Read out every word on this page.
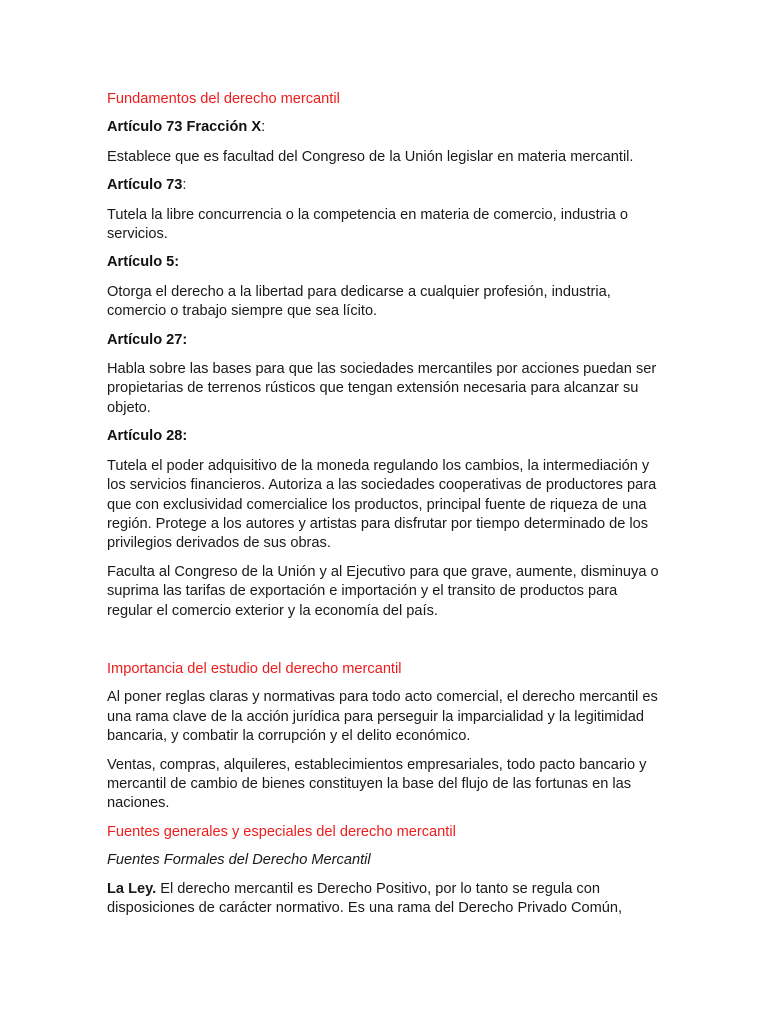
Fundamentos del derecho mercantil
Artículo 73 Fracción X:
Establece que es facultad del Congreso de la Unión legislar en materia mercantil.
Artículo 73:
Tutela la libre concurrencia o la competencia en materia de comercio, industria o servicios.
Artículo 5:
Otorga el derecho a la libertad para dedicarse a cualquier profesión, industria, comercio o trabajo siempre que sea lícito.
Artículo 27:
Habla sobre las bases para que las sociedades mercantiles por acciones puedan ser propietarias de terrenos rústicos que tengan extensión necesaria para alcanzar su objeto.
Artículo 28:
Tutela el poder adquisitivo de la moneda regulando los cambios, la intermediación y los servicios financieros. Autoriza a las sociedades cooperativas de productores para que con exclusividad comercialice los productos, principal fuente de riqueza de una región. Protege a los autores y artistas para disfrutar por tiempo determinado de los privilegios derivados de sus obras.
Faculta al Congreso de la Unión y al Ejecutivo para que grave, aumente, disminuya o suprima las tarifas de exportación e importación y el transito de productos para regular el comercio exterior y la economía del país.
Importancia del estudio del derecho mercantil
Al poner reglas claras y normativas para todo acto comercial, el derecho mercantil es una rama clave de la acción jurídica para perseguir la imparcialidad y la legitimidad bancaria, y combatir la corrupción y el delito económico.
Ventas, compras, alquileres, establecimientos empresariales, todo pacto bancario y mercantil de cambio de bienes constituyen la base del flujo de las fortunas en las naciones.
Fuentes generales y especiales del derecho mercantil
Fuentes Formales del Derecho Mercantil
La Ley. El derecho mercantil es Derecho Positivo, por lo tanto se regula con disposiciones de carácter normativo. Es una rama del Derecho Privado Común,
